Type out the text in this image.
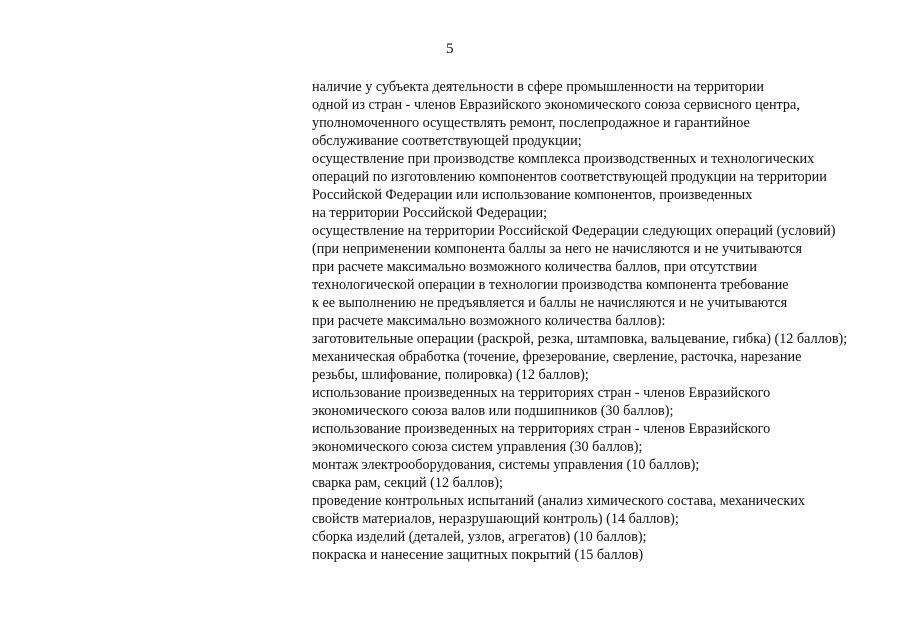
5
наличие у субъекта деятельности в сфере промышленности на территории
одной из стран - членов Евразийского экономического союза сервисного центра,
уполномоченного осуществлять ремонт, послепродажное и гарантийное
обслуживание соответствующей продукции;
осуществление при производстве комплекса производственных и технологических
операций по изготовлению компонентов соответствующей продукции на территории
Российской Федерации или использование компонентов, произведенных
на территории Российской Федерации;
осуществление на территории Российской Федерации следующих операций (условий)
(при неприменении компонента баллы за него не начисляются и не учитываются
при расчете максимально возможного количества баллов, при отсутствии
технологической операции в технологии производства компонента требование
к ее выполнению не предъявляется и баллы не начисляются и не учитываются
при расчете максимально возможного количества баллов):
заготовительные операции (раскрой, резка, штамповка, вальцевание, гибка) (12 баллов);
механическая обработка (точение, фрезерование, сверление, расточка, нарезание
резьбы, шлифование, полировка) (12 баллов);
использование произведенных на территориях стран - членов Евразийского
экономического союза валов или подшипников (30 баллов);
использование произведенных на территориях стран - членов Евразийского
экономического союза систем управления (30 баллов);
монтаж электрооборудования, системы управления (10 баллов);
сварка рам, секций (12 баллов);
проведение контрольных испытаний (анализ химического состава, механических
свойств материалов, неразрушающий контроль) (14 баллов);
сборка изделий (деталей, узлов, агрегатов) (10 баллов);
покраска и нанесение защитных покрытий (15 баллов)
